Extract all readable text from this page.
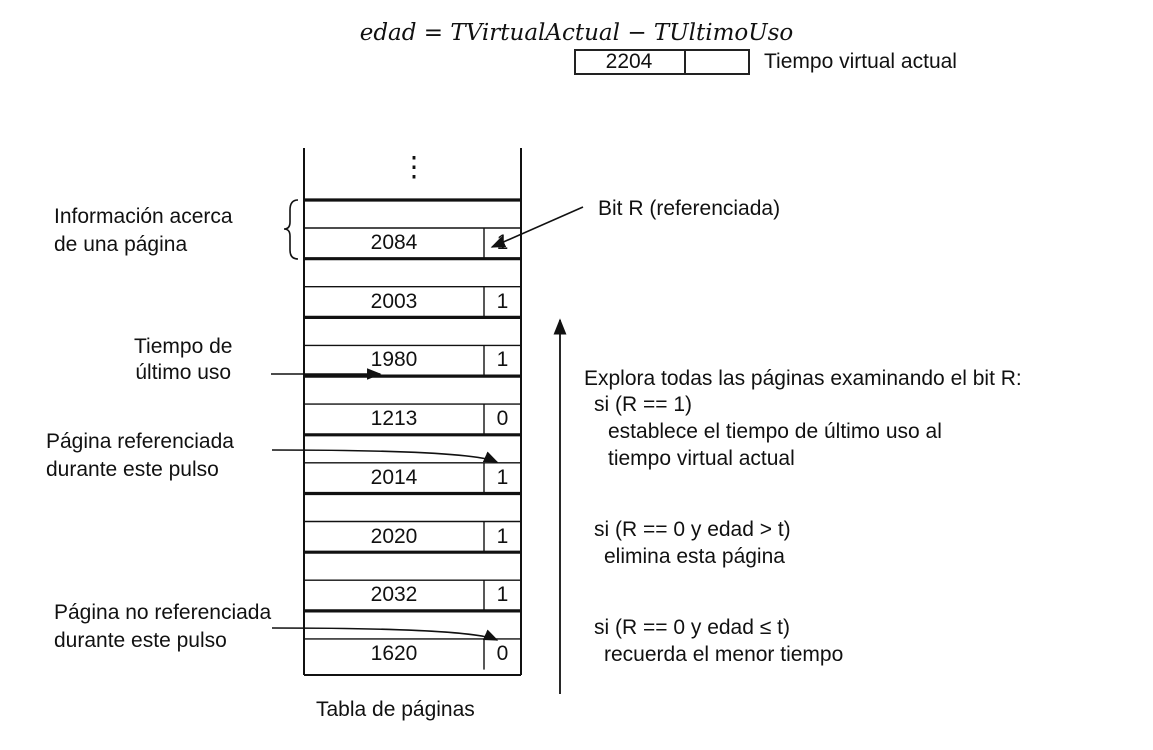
edad = TVirtualActual − TUltimoUso
2204	Tiempo virtual actual
⋮
2084	1
2003	1
1980	1
1213	0
2014	1
2020	1
2032	1
1620	0
Información acerca
de una página
Bit R (referenciada)
Tiempo de
último uso
Página referenciada
durante este pulso
Página no referenciada
durante este pulso
Tabla de páginas
Explora todas las páginas examinando el bit R:
si (R == 1)
establece el tiempo de último uso al
tiempo virtual actual
si (R == 0 y edad > t)
elimina esta página
si (R == 0 y edad ≤ t)
recuerda el menor tiempo
